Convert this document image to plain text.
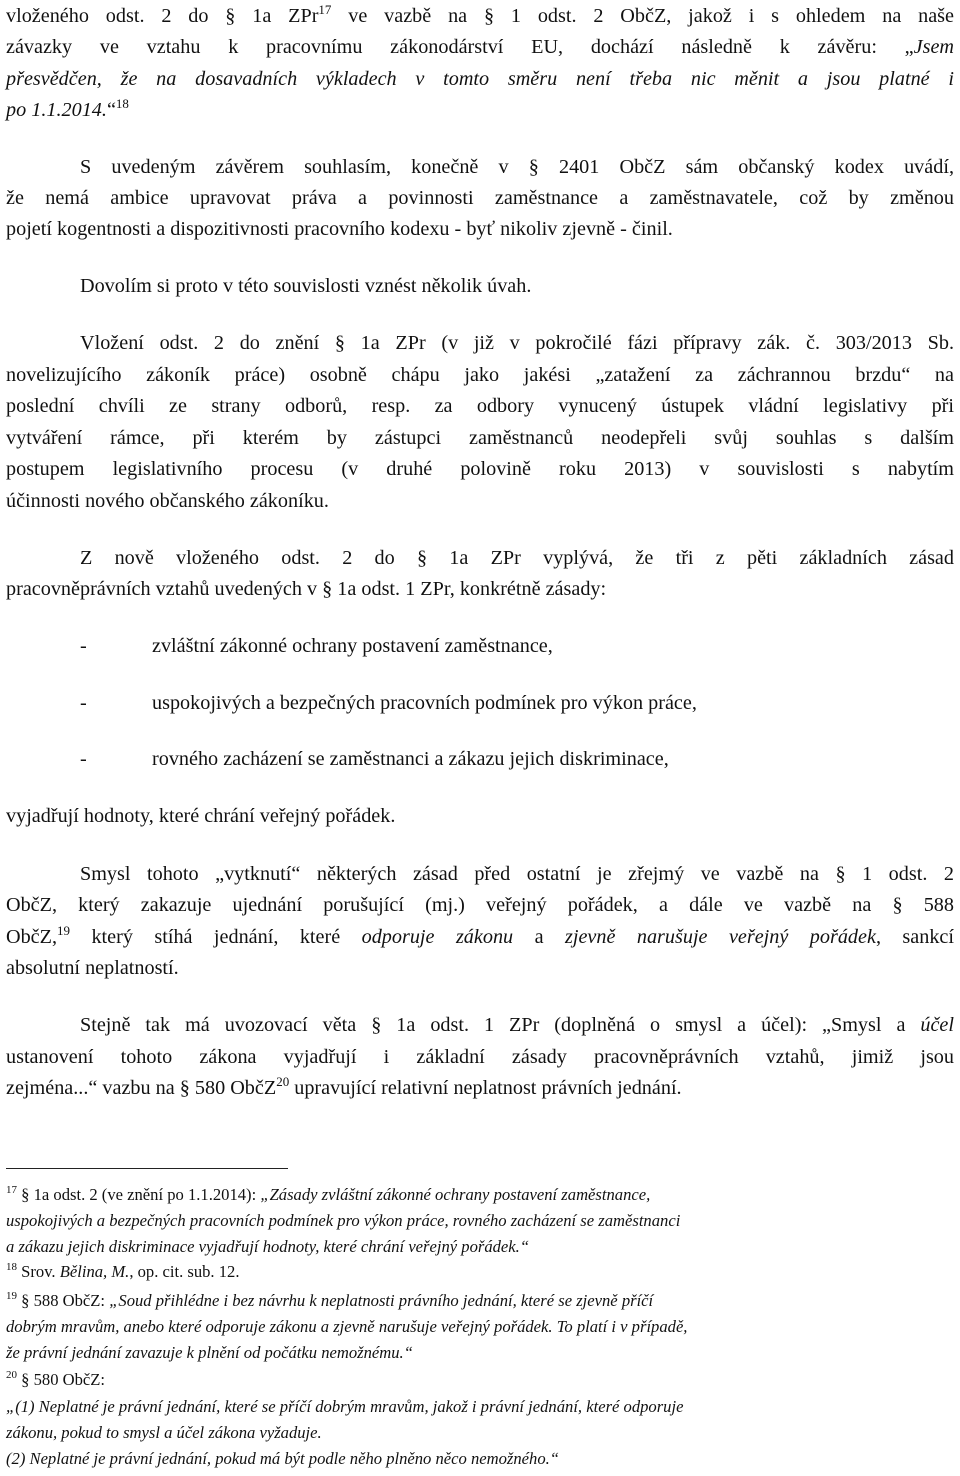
vloženého odst. 2 do § 1a ZPr$^{17}$ ve vazbě na § 1 odst. 2 ObčZ, jakož i s ohledem na naše
závazky ve vztahu k pracovnímu zákonodárství EU, dochází následně k závěru: „Jsem
přesvědčen, že na dosavadních výkladech v tomto směru není třeba nic měnit a jsou platné i
po 1.1.2014.“$^{18}$
S uvedeným závěrem souhlasím, konečně v § 2401 ObčZ sám občanský kodex uvádí,
že nemá ambice upravovat práva a povinnosti zaměstnance a zaměstnavatele, což by změnou
pojetí kogentnosti a dispozitivnosti pracovního kodexu - byť nikoliv zjevně - činil.
Dovolím si proto v této souvislosti vznést několik úvah.
Vložení odst. 2 do znění § 1a ZPr (v již v pokročilé fázi přípravy zák. č. 303/2013 Sb.
novelizujícího zákoník práce) osobně chápu jako jakési „zatažení za záchrannou brzdu“ na
poslední chvíli ze strany odborů, resp. za odbory vynucený ústupek vládní legislativy při
vytváření rámce, při kterém by zástupci zaměstnanců neodepřeli svůj souhlas s dalším
postupem legislativního procesu (v druhé polovině roku 2013) v souvislosti s nabytím
účinnosti nového občanského zákoníku.
Z nově vloženého odst. 2 do § 1a ZPr vyplývá, že tři z pěti základních zásad
pracovněprávních vztahů uvedených v § 1a odst. 1 ZPr, konkrétně zásady:
-	zvláštní zákonné ochrany postavení zaměstnance,
-	uspokojivých a bezpečných pracovních podmínek pro výkon práce,
-	rovného zacházení se zaměstnanci a zákazu jejich diskriminace,
vyjadřují hodnoty, které chrání veřejný pořádek.
Smysl tohoto „vytknutí“ některých zásad před ostatní je zřejmý ve vazbě na § 1 odst. 2
ObčZ, který zakazuje ujednání porušující (mj.) veřejný pořádek, a dále ve vazbě na § 588
ObčZ,$^{19}$ který stíhá jednání, které odporuje zákonu a zjevně narušuje veřejný pořádek, sankcí
absolutní neplatností.
Stejně tak má uvozovací věta § 1a odst. 1 ZPr (doplněná o smysl a účel): „Smysl a účel
ustanovení tohoto zákona vyjadřují i základní zásady pracovněprávních vztahů, jimiž jsou
zejména...“ vazbu na § 580 ObčZ$^{20}$ upravující relativní neplatnost právních jednání.
$^{17}$ § 1a odst. 2 (ve znění po 1.1.2014): „Zásady zvláštní zákonné ochrany postavení zaměstnance,
uspokojivých a bezpečných pracovních podmínek pro výkon práce, rovného zacházení se zaměstnanci
a zákazu jejich diskriminace vyjadřují hodnoty, které chrání veřejný pořádek.“
$^{18}$ Srov. Bělina, M., op. cit. sub. 12.
$^{19}$ § 588 ObčZ: „Soud přihlédne i bez návrhu k neplatnosti právního jednání, které se zjevně příčí
dobrým mravům, anebo které odporuje zákonu a zjevně narušuje veřejný pořádek. To platí i v případě,
že právní jednání zavazuje k plnění od počátku nemožnému.“
$^{20}$ § 580 ObčZ:
„(1) Neplatné je právní jednání, které se příčí dobrým mravům, jakož i právní jednání, které odporuje
zákonu, pokud to smysl a účel zákona vyžaduje.
(2) Neplatné je právní jednání, pokud má být podle něho plněno něco nemožného.“
